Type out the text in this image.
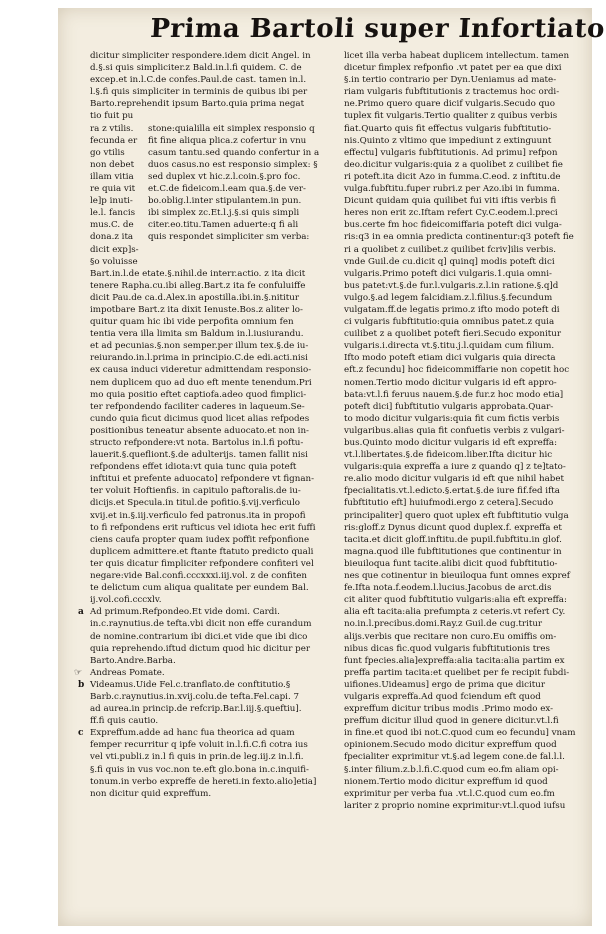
Prima Bartoli super Infortiato
dicitur simpliciter respondere.idem dicit Angel. in
d.§.si quis simpliciter.z Bald.in.l.fi quidem. C. de
excep.et in.l.C.de confes.Paul.de cast. tamen in.l.
l.§.fi quis simpliciter in terminis de quibus ibi per
Barto.reprehendit ipsum Barto.quia prima negat
tio fuit pu
ra z vtilis.
fecunda er
go vtilis
non debet
illam vitia
re quia vit
le]p inuti-
le.l. fancis
mus.C. de
dona.z ita
dicit exp]s-
§o voluisse
stone:quialilla eit simplex responsio q
fit fine aliqua plica.z cofertur in vnu
casum tantu.sed quando confertur in a
duos casus.no est responsio simplex: §
sed duplex vt hic.z.l.coin.§.pro foc.
et.C.de fideicom.l.eam qua.§.de ver-
bo.oblig.l.inter stipulantem.in pun.
ibi simplex zc.Et.l.j.§.si quis simpli
citer.eo.titu.Tamen aduerte:q fi ali
quis respondet simpliciter sm verba:
Bart.in.l.de etate.§.nihil.de interr.actio. z ita dicit
tenere Rapha.cu.ibi alleg.Bart.z ita fe confuluiffe
dicit Pau.de ca.d.Alex.in apostilla.ibi.in.§.nititur
impotbare Bart.z ita dixit Ienuste.Bos.z aliter lo-
quitur quam hic ibi vide perpofita omnium fen
tentia vera illa limita sm Baldum in.l.iusiurandu.
et ad pecunias.§.non semper.per illum tex.§.de iu-
reiurando.in.l.prima in principio.C.de edi.acti.nisi
ex causa induci videretur admittendam responsio-
nem duplicem quo ad duo eft mente tenendum.Pri
mo quia positio eftet captiofa.adeo quod fimplici-
ter refpondendo faciliter caderes in laqueum.Se-
cundo quia ficut dicimus quod licet alias refpodes
positionibus teneatur absente aduocato.et non in-
structo refpondere:vt nota. Bartolus in.l.fi poftu-
lauerit.§.quefliont.§.de adulterijs. tamen fallit nisi
refpondens effet idiota:vt quia tunc quia poteft
inftitui et prefente aduocato] refpondere vt fignan-
ter voluit Hoftienfis. in capitulo paftoralis.de iu-
dicijs.et Specula.in titul.de pofitio.§.vij.verficulo
xvij.et in.§.iij.verficulo fed patronus.ita in propofi
to fi refpondens erit rufticus vel idiota hec erit fuffi
ciens caufa propter quam iudex poffit refponfione
duplicem admittere.et ftante ftatuto predicto quali
ter quis dicatur fimpliciter refpondere confiteri vel
negare:vide Bal.confi.cccxxxi.iij.vol. z de confiten
te delictum cum aliqua qualitate per eundem Bal.
ij.vol.cofi.cccxlv.
a Ad primum.Refpondeo.Et vide domi. Cardi.
in.c.raynutius.de tefta.vbi dicit non effe curandum
de nomine.contrarium ibi dici.et vide que ibi dico
quia reprehendo.iftud dictum quod hic dicitur per
Barto.Andre.Barba.
☞ Andreas Pomate.
b Videamus.Uide Fel.c.tranflato.de conftitutio.§
Barb.c.raynutius.in.xvij.colu.de tefta.Fel.capi. 7
ad aurea.in princip.de refcrip.Bar.l.iij.§.queftiu].
ff.fi quis cautio.
c Expreffum.adde ad hanc fua theorica ad quam
femper recurritur q ipfe voluit in.l.fi.C.fi cotra ius
vel vti.publi.z in.l fi quis in prin.de leg.iij.z in.l.fi.
§.fi quis in vus voc.non te.eft glo.bona in.c.inquifi-
tonum.in verbo expreffe de hereti.in fexto.alio]etia]
non dicitur quid expreffum.
licet illa verba habeat duplicem intellectum. tamen
dicetur fimplex refponfio .vt patet per ea que dixi
§.in tertio contrario per Dyn.Ueniamus ad mate-
riam vulgaris fubftitutionis z tractemus hoc ordi-
ne.Primo quero quare dicif vulgaris.Secudo quo
tuplex fit vulgaris.Tertio qualiter z quibus verbis
fiat.Quarto quis fit effectus vulgaris fubftitutio-
nis.Quinto z vltimo que impediunt z extinguunt
effectu] vulgaris fubftitutionis. Ad primu] refpon
deo.dicitur vulgaris:quia z a quolibet z cuilibet fie
ri poteft.ita dicit Azo in fumma.C.eod. z inftitu.de
vulga.fubftitu.fuper rubri.z per Azo.ibi in fumma.
Dicunt quidam quia quilibet fui viti iftis verbis fi
heres non erit zc.Iftam refert Cy.C.eodem.l.preci
bus.certe fm hoc fideicomiffaria poteft dici vulga-
ris:q3 in ea omnia predicta continentur:q3 poteft fie
ri a quolibet z cuilibet.z quilibet fcriv]ilis verbis.
vnde Guil.de cu.dicit q] quinq] modis poteft dici
vulgaris.Primo poteft dici vulgaris.1.quia omni-
bus patet:vt.§.de fur.l.vulgaris.z.l.in ratione.§.q]d
vulgo.§.ad legem falcidiam.z.l.filius.§.fecundum
vulgatam.ff.de legatis primo.z ifto modo poteft di
ci vulgaris fubftitutio:quia omnibus patet.z quia
cuilibet z a quolibet poteft fieri.Secudo exponitur
vulgaris.i.directa vt.§.titu.j.l.quidam cum filium.
Ifto modo poteft etiam dici vulgaris quia directa
eft.z fecundu] hoc fideicommiffarie non copetit hoc
nomen.Tertio modo dicitur vulgaris id eft appro-
bata:vt.l.fi feruus nauem.§.de fur.z hoc modo etia]
poteft dici] fubftitutio vulgaris approbata.Quar-
to modo dicitur vulgaris:quia fit cum fictis verbis
vulgaribus.alias quia fit confuetis verbis z vulgari-
bus.Quinto modo dicitur vulgaris id eft expreffa:
vt.l.libertates.§.de fideicom.liber.Ifta dicitur hic
vulgaris:quia expreffa a iure z quando q] z te]tato-
re.alio modo dicitur vulgaris id eft que nihil habet
fpecialitatis.vt.l.edicto.§.ertat.§.de iure fif.fed ifta
fubftitutio eft] huiufmodi.ergo z cetera].Secudo
principaliter] quero quot uplex eft fubftitutio vulga
ris:gloff.z Dynus dicunt quod duplex.f. expreffa et
tacita.et dicit gloff.inftitu.de pupil.fubftitu.in glof.
magna.quod ille fubftitutiones que continentur in
bieuiloqua funt tacite.alibi dicit quod fubftitutio-
nes que cotinentur in bieuiloqua funt omnes expref
fe.Ifta nota.f.eodem.l.lucius.Jacobus de arct.dis
cit aliter quod fubftitutio vulgaris:alia eft expreffa:
alia eft tacita:alia prefumpta z ceteris.vt refert Cy.
no.in.l.precibus.domi.Ray.z Guil.de cug.tritur
alijs.verbis que recitare non curo.Eu omiffis om-
nibus dicas fic.quod vulgaris fubftitutionis tres
funt fpecies.alia]expreffa:alia tacita:alia partim ex
preffa partim tacita:et quelibet per fe recipit fubdi-
uifiones.Uideamus] ergo de prima que dicitur
vulgaris expreffa.Ad quod fciendum eft quod
expreffum dicitur tribus modis .Primo modo ex-
preffum dicitur illud quod in genere dicitur.vt.l.fi
in fine.et quod ibi not.C.quod cum eo fecundu] vnam
opinionem.Secudo modo dicitur expreffum quod
fpecialiter exprimitur vt.§.ad legem cone.de fal.l.l.
§.inter filium.z.b.l.fi.C.quod cum eo.fm aliam opi-
nionem.Tertio modo dicitur expreffum id quod
exprimitur per verba fua .vt.l.C.quod cum eo.fm
lariter z proprio nomine exprimitur:vt.l.quod iufsu
